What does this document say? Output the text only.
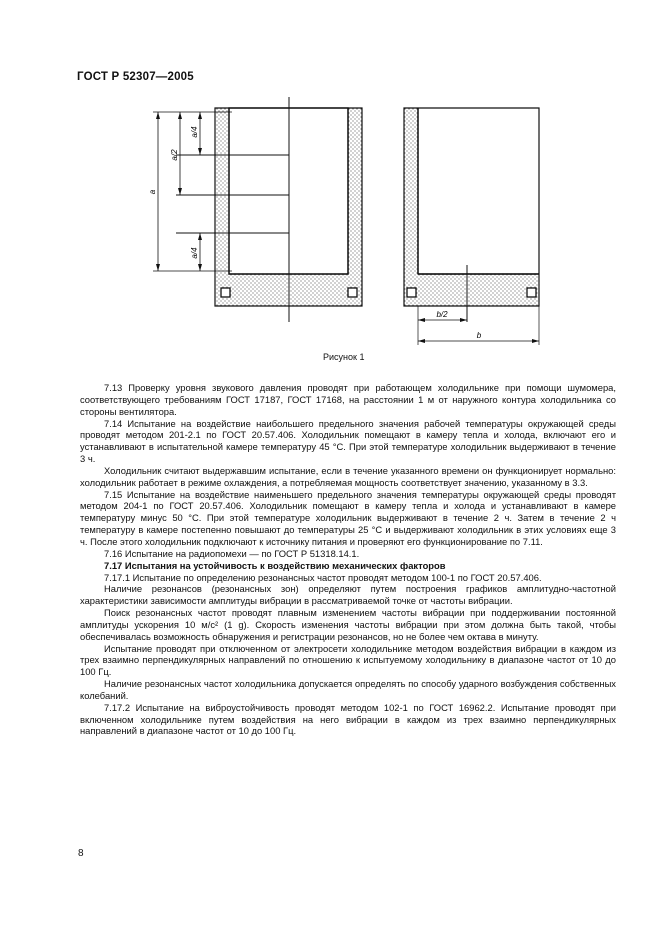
ГОСТ Р 52307—2005
a
a/2
a/4
a/4
b/2
b
Рисунок 1

7.13 Проверку уровня звукового давления проводят при работающем холодильнике при помощи шумомера, соответствующего требованиям ГОСТ 17187, ГОСТ 17168, на расстоянии 1 м от наружного контура холодильника со стороны вентилятора.

7.14 Испытание на воздействие наибольшего предельного значения рабочей температуры окружающей среды проводят методом 201-2.1 по ГОСТ 20.57.406. Холодильник помещают в камеру тепла и холода, включают его и устанавливают в испытательной камере температуру 45 °С. При этой температуре холодильник выдерживают в течение 3 ч.

Холодильник считают выдержавшим испытание, если в течение указанного времени он функционирует нормально: холодильник работает в режиме охлаждения, а потребляемая мощность соответствует значению, указанному в 3.3.

7.15 Испытание на воздействие наименьшего предельного значения температуры окружающей среды проводят методом 204-1 по ГОСТ 20.57.406. Холодильник помещают в камеру тепла и холода и устанавливают в камере температуру минус 50 °С. При этой температуре холодильник выдерживают в течение 2 ч. Затем в течение 2 ч температуру в камере постепенно повышают до температуры 25 °С и выдерживают холодильник в этих условиях еще 3 ч. После этого холодильник подключают к источнику питания и проверяют его функционирование по 7.11.

7.16 Испытание на радиопомехи — по ГОСТ Р 51318.14.1.

7.17 Испытания на устойчивость к воздействию механических факторов

7.17.1 Испытание по определению резонансных частот проводят методом 100-1 по ГОСТ 20.57.406.

Наличие резонансов (резонансных зон) определяют путем построения графиков амплитудно-частотной характеристики зависимости амплитуды вибрации в рассматриваемой точке от частоты вибрации.

Поиск резонансных частот проводят плавным изменением частоты вибрации при поддерживании постоянной амплитуды ускорения 10 м/с² (1 g). Скорость изменения частоты вибрации при этом должна быть такой, чтобы обеспечивалась возможность обнаружения и регистрации резонансов, но не более чем октава в минуту.

Испытание проводят при отключенном от электросети холодильнике методом воздействия вибрации в каждом из трех взаимно перпендикулярных направлений по отношению к испытуемому холодильнику в диапазоне частот от 10 до 100 Гц.

Наличие резонансных частот холодильника допускается определять по способу ударного возбуждения собственных колебаний.

7.17.2 Испытание на виброустойчивость проводят методом 102-1 по ГОСТ 16962.2. Испытание проводят при включенном холодильнике путем воздействия на него вибрации в каждом из трех взаимно перпендикулярных направлений в диапазоне частот от 10 до 100 Гц.

8
